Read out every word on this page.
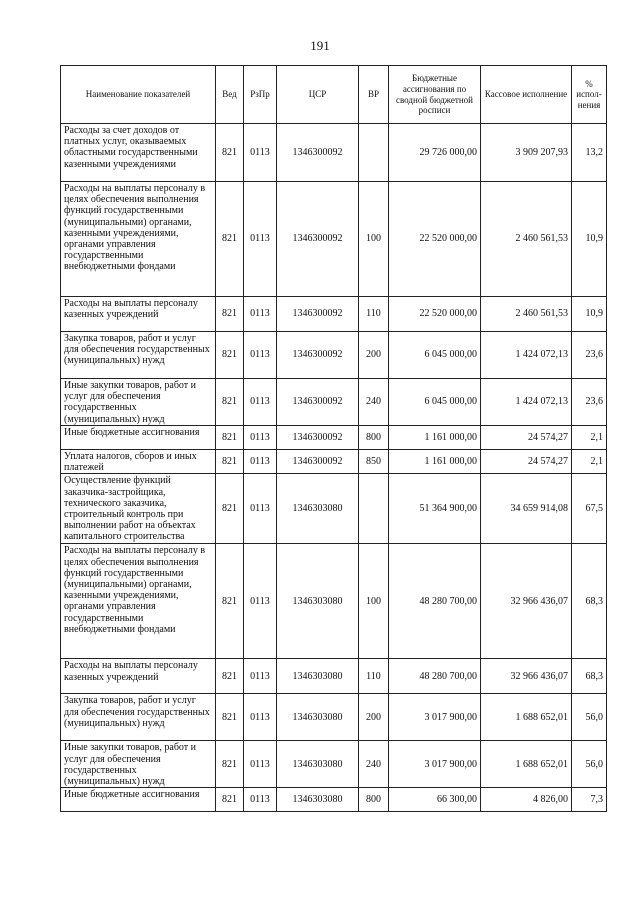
191
Наименование показателей	Вед	РзПр	ЦСР	ВР	Бюджетные ассигнования по сводной бюджетной росписи	Кассовое исполнение	% испол-нения
Расходы за счет доходов от платных услуг, оказываемых областными государственными казенными учреждениями	821	0113	1346300092		29 726 000,00	3 909 207,93	13,2
Расходы на выплаты персоналу в целях обеспечения выполнения функций государственными (муниципальными) органами, казенными учреждениями, органами управления государственными внебюджетными фондами	821	0113	1346300092	100	22 520 000,00	2 460 561,53	10,9
Расходы на выплаты персоналу казенных учреждений	821	0113	1346300092	110	22 520 000,00	2 460 561,53	10,9
Закупка товаров, работ и услуг для обеспечения государственных (муниципальных) нужд	821	0113	1346300092	200	6 045 000,00	1 424 072,13	23,6
Иные закупки товаров, работ и услуг для обеспечения государственных (муниципальных) нужд	821	0113	1346300092	240	6 045 000,00	1 424 072,13	23,6
Иные бюджетные ассигнования	821	0113	1346300092	800	1 161 000,00	24 574,27	2,1
Уплата налогов, сборов и иных платежей	821	0113	1346300092	850	1 161 000,00	24 574,27	2,1
Осуществление функций заказчика-застройщика, технического заказчика, строительный контроль при выполнении работ на объектах капитального строительства	821	0113	1346303080		51 364 900,00	34 659 914,08	67,5
Расходы на выплаты персоналу в целях обеспечения выполнения функций государственными (муниципальными) органами, казенными учреждениями, органами управления государственными внебюджетными фондами	821	0113	1346303080	100	48 280 700,00	32 966 436,07	68,3
Расходы на выплаты персоналу казенных учреждений	821	0113	1346303080	110	48 280 700,00	32 966 436,07	68,3
Закупка товаров, работ и услуг для обеспечения государственных (муниципальных) нужд	821	0113	1346303080	200	3 017 900,00	1 688 652,01	56,0
Иные закупки товаров, работ и услуг для обеспечения государственных (муниципальных) нужд	821	0113	1346303080	240	3 017 900,00	1 688 652,01	56,0
Иные бюджетные ассигнования	821	0113	1346303080	800	66 300,00	4 826,00	7,3
